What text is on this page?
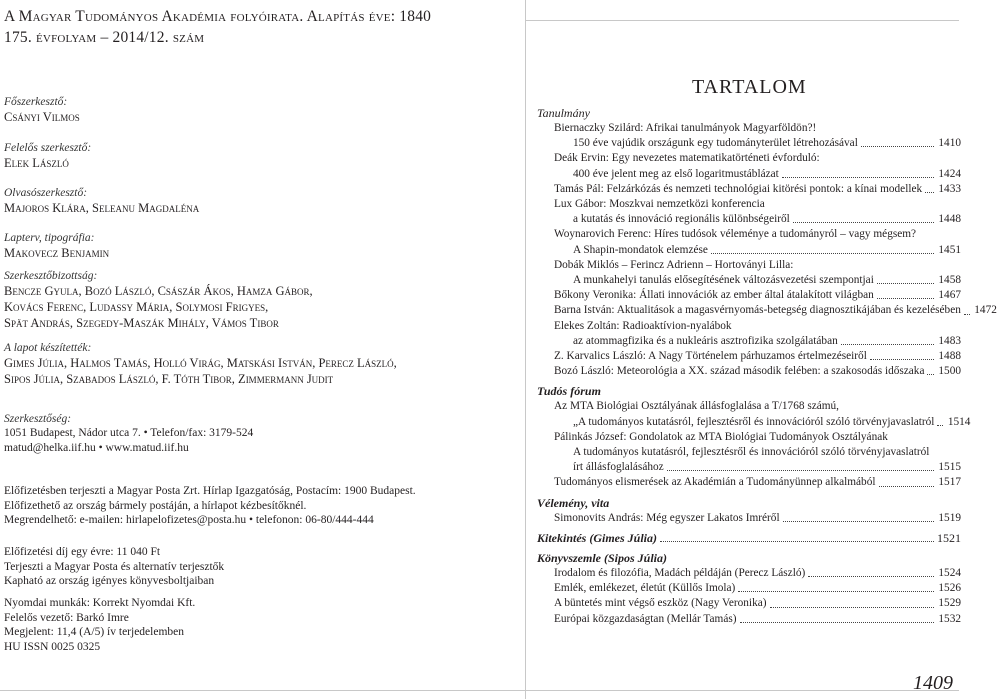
A Magyar Tudományos Akadémia folyóirata. Alapítás éve: 1840
175. évfolyam – 2014/12. szám
Főszerkesztő:
Csányi Vilmos
Felelős szerkesztő:
Elek László
Olvasószerkesztő:
Majoros Klára, Seleanu Magdaléna
Lapterv, tipográfia:
Makovecz Benjamin
Szerkesztőbizottság:
Bencze Gyula, Bozó László, Császár Ákos, Hamza Gábor,
Kovács Ferenc, Ludassy Mária, Solymosi Frigyes,
Spät András, Szegedy-Maszák Mihály, Vámos Tibor
A lapot készítették:
Gimes Júlia, Halmos Tamás, Holló Virág, Matskási István, Perecz László,
Sipos Júlia, Szabados László, F. Tóth Tibor, Zimmermann Judit
Szerkesztőség:
1051 Budapest, Nádor utca 7. • Telefon/fax: 3179-524
matud@helka.iif.hu • www.matud.iif.hu
Előfizetésben terjeszti a Magyar Posta Zrt. Hírlap Igazgatóság, Postacím: 1900 Budapest.
Előfizethető az ország bármely postáján, a hírlapot kézbesítőknél.
Megrendelhető: e-mailen: hirlapelofizetes@posta.hu • telefonon: 06-80/444-444
Előfizetési díj egy évre: 11 040 Ft
Terjeszti a Magyar Posta és alternatív terjesztők
Kapható az ország igényes könyvesboltjaiban
Nyomdai munkák: Korrekt Nyomdai Kft.
Felelős vezető: Barkó Imre
Megjelent: 11,4 (A/5) ív terjedelemben
HU ISSN 0025 0325
TARTALOM
Tanulmány
Biernaczky Szilárd: Afrikai tanulmányok Magyarföldön?!
150 éve vajúdik országunk egy tudományterület létrehozásával	1410
Deák Ervin: Egy nevezetes matematikatörténeti évforduló:
400 éve jelent meg az első logaritmustáblázat	1424
Tamás Pál: Felzárkózás és nemzeti technológiai kitörési pontok: a kínai modellek 1433
Lux Gábor: Moszkvai nemzetközi konferencia
a kutatás és innováció regionális különbségeiről	1448
Woynarovich Ferenc: Híres tudósok véleménye a tudományról – vagy mégsem?
A Shapin-mondatok elemzése	1451
Dobák Miklós – Ferincz Adrienn – Hortoványi Lilla:
A munkahelyi tanulás elősegítésének változásvezetési szempontjai	1458
Bőkony Veronika: Állati innovációk az ember által átalakított világban	1467
Barna István: Aktualitások a magasvérnyomás-betegség diagnosztikájában és kezelésében 1472
Elekes Zoltán: Radioaktívion-nyalábok
az atommagfizika és a nukleáris asztrofizika szolgálatában	1483
Z. Karvalics László: A Nagy Történelem párhuzamos értelmezéseiről	1488
Bozó László: Meteorológia a XX. század második felében: a szakosodás időszaka 1500
Tudós fórum
Az MTA Biológiai Osztályának állásfoglalása a T/1768 számú,
„A tudományos kutatásról, fejlesztésről és innovációról szóló törvényjavaslatról 1514
Pálinkás József: Gondolatok az MTA Biológiai Tudományok Osztályának
A tudományos kutatásról, fejlesztésről és innovációról szóló törvényjavaslatról
írt állásfoglalásához	1515
Tudományos elismerések az Akadémián a Tudományünnep alkalmából	1517
Vélemény, vita
Simonovits András: Még egyszer Lakatos Imréről	1519
Kitekintés (Gimes Júlia)	1521
Könyvszemle (Sipos Júlia)
Irodalom és filozófia, Madách példáján (Perecz László)	1524
Emlék, emlékezet, életút (Küllős Imola)	1526
A büntetés mint végső eszköz (Nagy Veronika)	1529
Európai közgazdaságtan (Mellár Tamás)	1532
1409
